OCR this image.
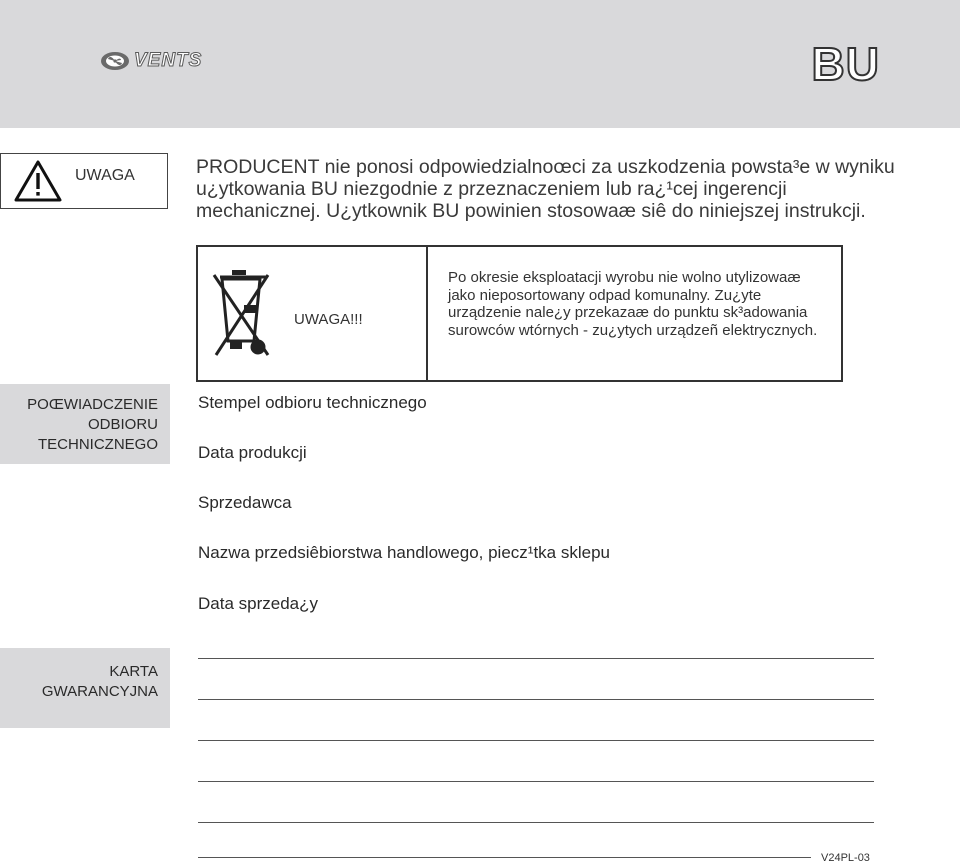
VENTS	BU
UWAGA	PRODUCENT nie ponosi odpowiedzialnoœci za uszkodzenia powsta³e w wyniku u¿ytkowania BU niezgodnie z przeznaczeniem lub ra¿¹cej ingerencji mechanicznej. U¿ytkownik BU powinien stosowaæ siê do niniejszej instrukcji.
UWAGA!!!
Po okresie eksploatacji wyrobu nie wolno utylizowaæ jako nieposortowany odpad komunalny. Zu¿yte urządzenie nale¿y przekazaæ do punktu sk³adowania surowców wtórnych - zu¿ytych urządzeñ elektrycznych.
POŒWIADCZENIE ODBIORU TECHNICZNEGO
Stempel odbioru technicznego
Data produkcji
Sprzedawca
Nazwa przedsiêbiorstwa handlowego, piecz¹tka sklepu
Data sprzeda¿y
KARTA GWARANCYJNA
V24PL-03
